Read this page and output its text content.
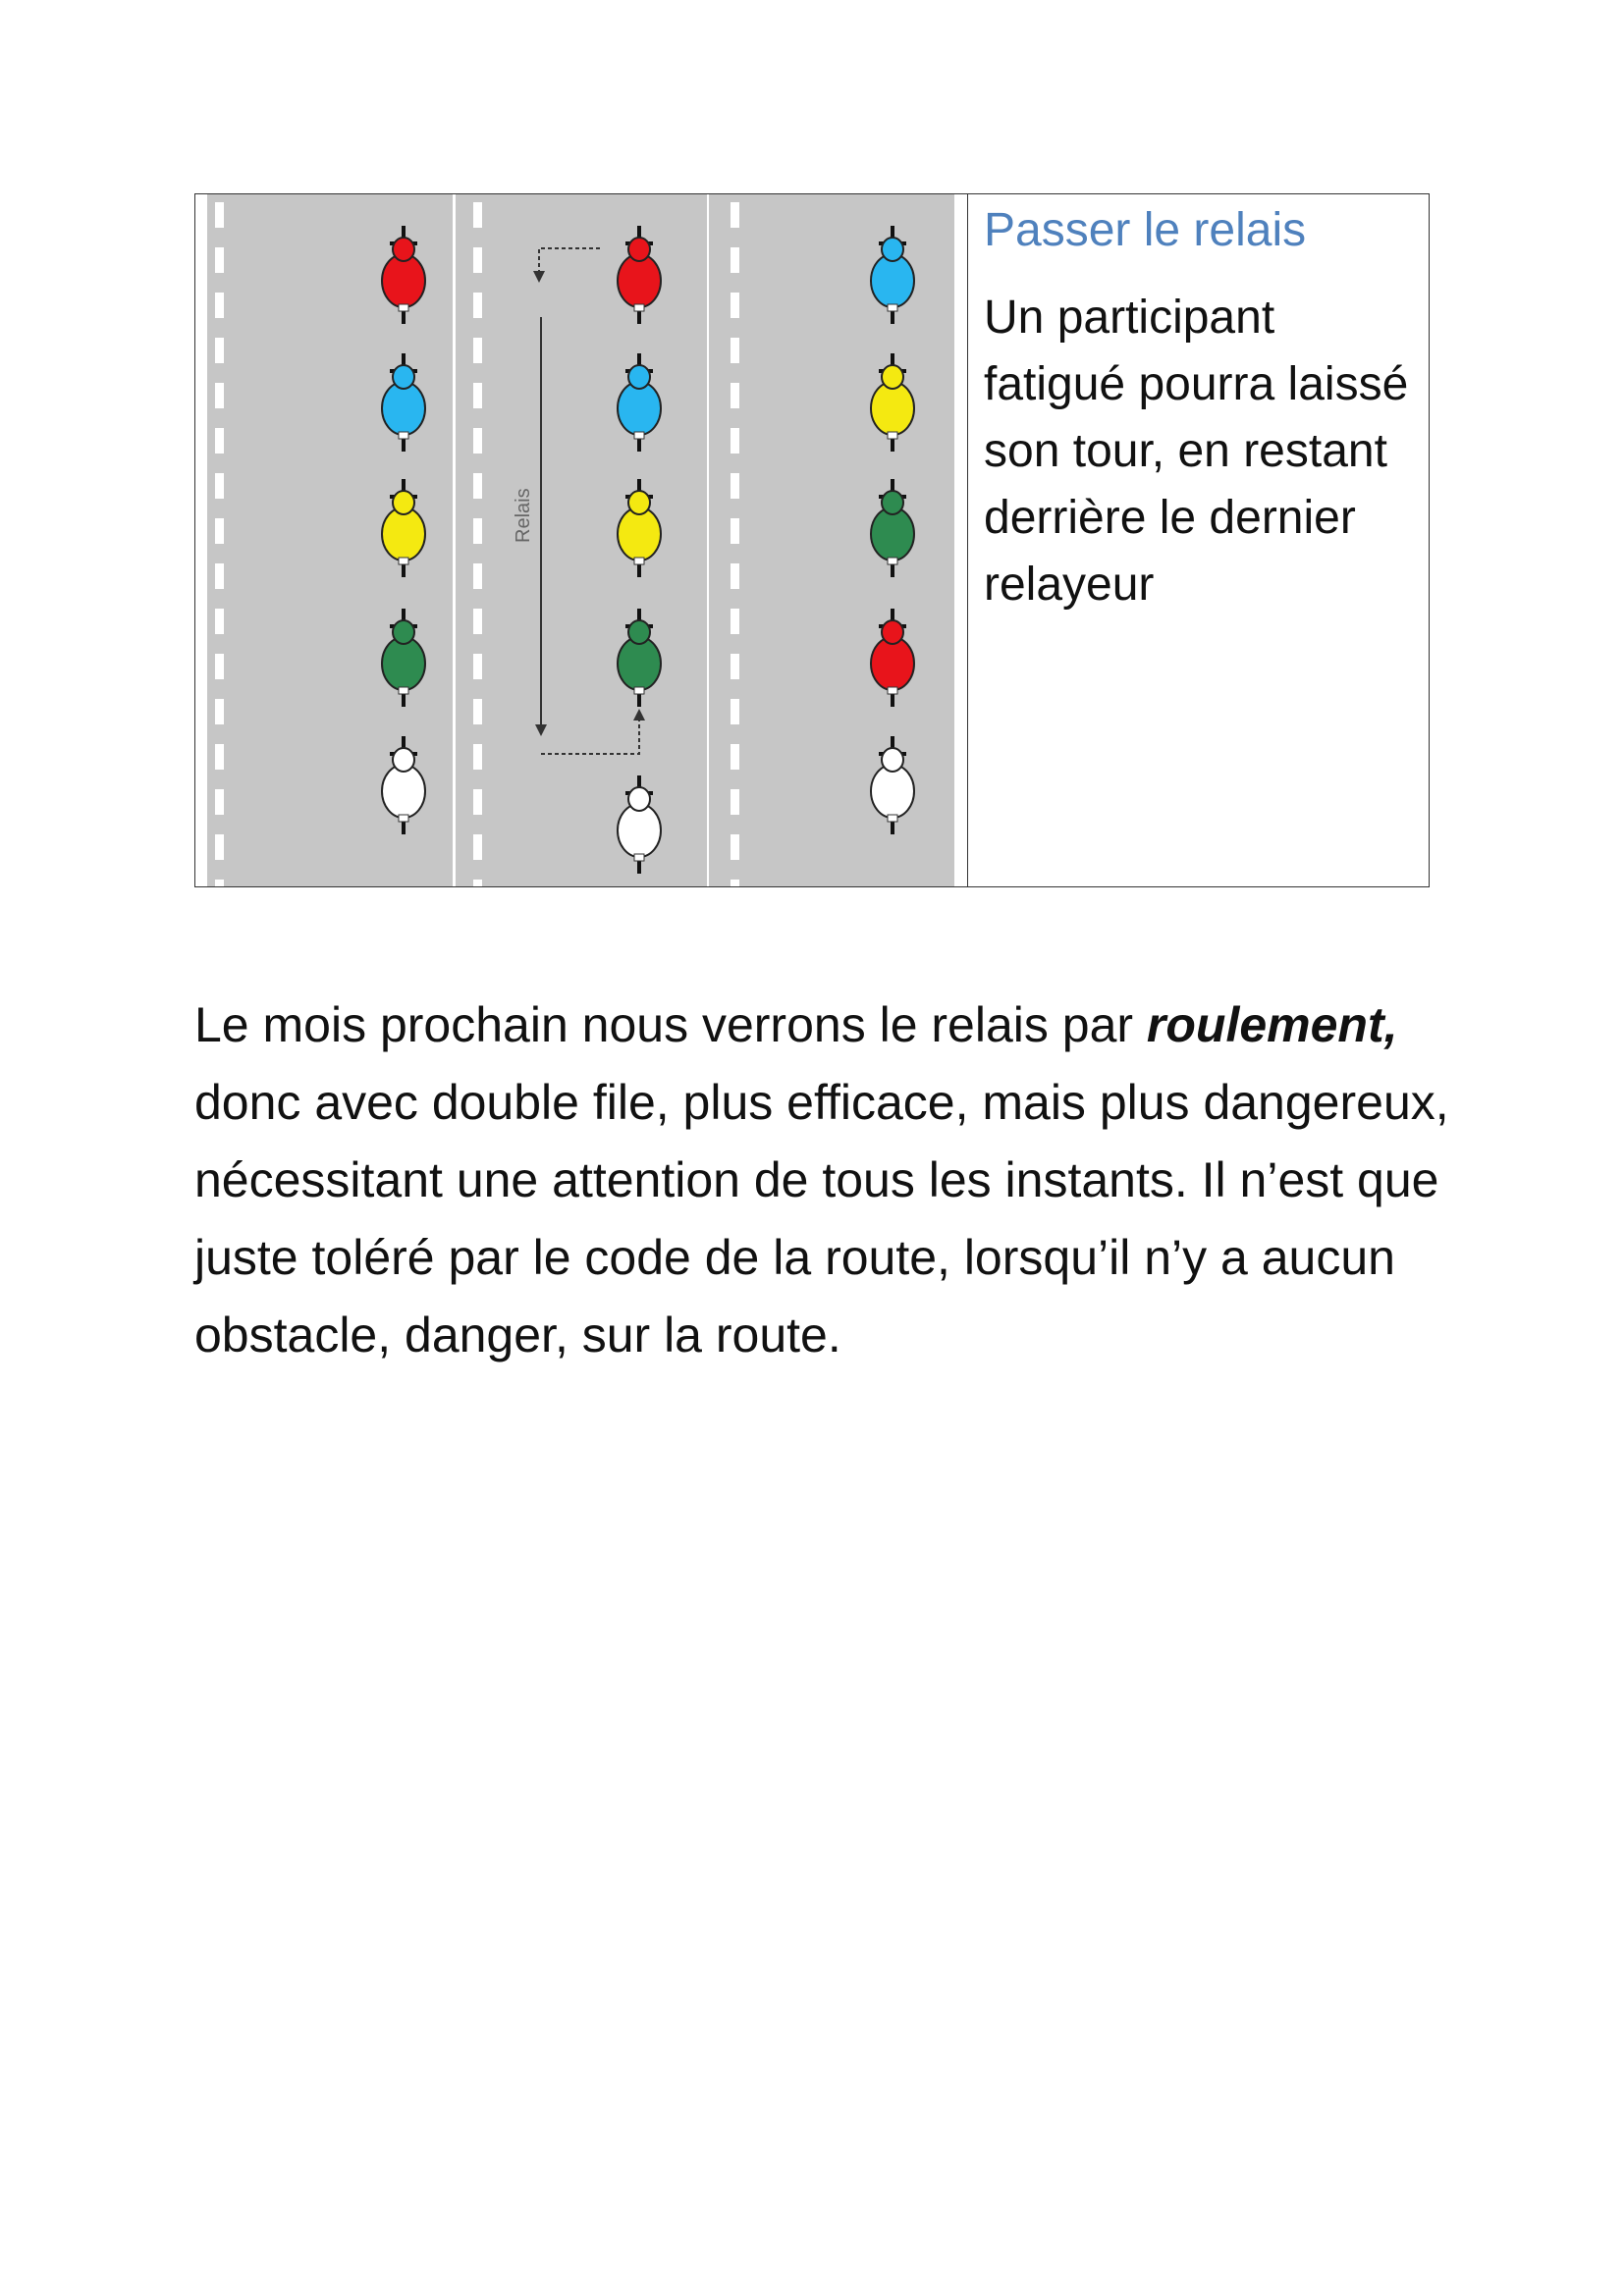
Relais

Passer le relais

Un participant fatigué pourra laissé son tour, en restant derrière le dernier relayeur

Le mois prochain nous verrons le relais par roulement, donc avec double file, plus efficace, mais plus dangereux, nécessitant une attention de tous les instants. Il n’est que juste toléré par le code de la route, lorsqu’il n’y a aucun obstacle, danger, sur la route.
